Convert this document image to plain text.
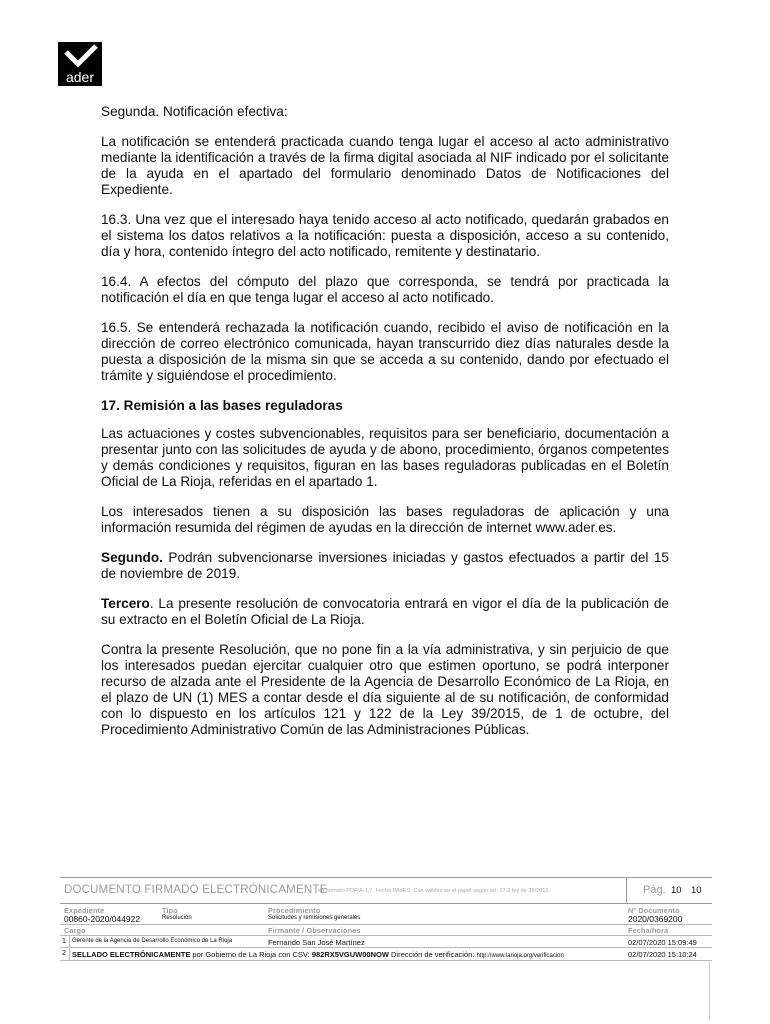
ader

Segunda. Notificación efectiva:

La notificación se entenderá practicada cuando tenga lugar el acceso al acto administrativo mediante la identificación a través de la firma digital asociada al NIF indicado por el solicitante de la ayuda en el apartado del formulario denominado Datos de Notificaciones del Expediente.

16.3. Una vez que el interesado haya tenido acceso al acto notificado, quedarán grabados en el sistema los datos relativos a la notificación: puesta a disposición, acceso a su contenido, día y hora, contenido íntegro del acto notificado, remitente y destinatario.

16.4. A efectos del cómputo del plazo que corresponda, se tendrá por practicada la notificación el día en que tenga lugar el acceso al acto notificado.

16.5. Se entenderá rechazada la notificación cuando, recibido el aviso de notificación en la dirección de correo electrónico comunicada, hayan transcurrido diez días naturales desde la puesta a disposición de la misma sin que se acceda a su contenido, dando por efectuado el trámite y siguiéndose el procedimiento.

17. Remisión a las bases reguladoras

Las actuaciones y costes subvencionables, requisitos para ser beneficiario, documentación a presentar junto con las solicitudes de ayuda y de abono, procedimiento, órganos competentes y demás condiciones y requisitos, figuran en las bases reguladoras publicadas en el Boletín Oficial de La Rioja, referidas en el apartado 1.

Los interesados tienen a su disposición las bases reguladoras de aplicación y una información resumida del régimen de ayudas en la dirección de internet www.ader.es.

Segundo. Podrán subvencionarse inversiones iniciadas y gastos efectuados a partir del 15 de noviembre de 2019.

Tercero. La presente resolución de convocatoria entrará en vigor el día de la publicación de su extracto en el Boletín Oficial de La Rioja.

Contra la presente Resolución, que no pone fin a la vía administrativa, y sin perjuicio de que los interesados puedan ejercitar cualquier otro que estimen oportuno, se podrá interponer recurso de alzada ante el Presidente de la Agencia de Desarrollo Económico de La Rioja, en el plazo de UN (1) MES a contar desde el día siguiente al de su notificación, de conformidad con lo dispuesto en los artículos 121 y 122 de la Ley 39/2015, de 1 de octubre, del Procedimiento Administrativo Común de las Administraciones Públicas.

DOCUMENTO FIRMADO ELECTRÓNICAMENTE
en formato PDF/A-1.7. Fecha PAdES. Con validez en el papel según art. 27.3 ley de 39/2015	Pág. 10 10
Expediente	Tipo	Procedimiento	Nº Documento
00860-2020/044922	Resolución	Solicitudes y remisiones generales	2020/0369200
Cargo	Firmante / Observaciones	Fecha/hora
1 Gerente de la Agencia de Desarrollo Económico de La Rioja	Fernando San José Martínez	02/07/2020 15:09:49
2 SELLADO ELECTRÓNICAMENTE por Gobierno de La Rioja con CSV: 982RX5VGUW00NOW Dirección de verificación: http://www.larioja.org/verificacion	02/07/2020 15:10:24
